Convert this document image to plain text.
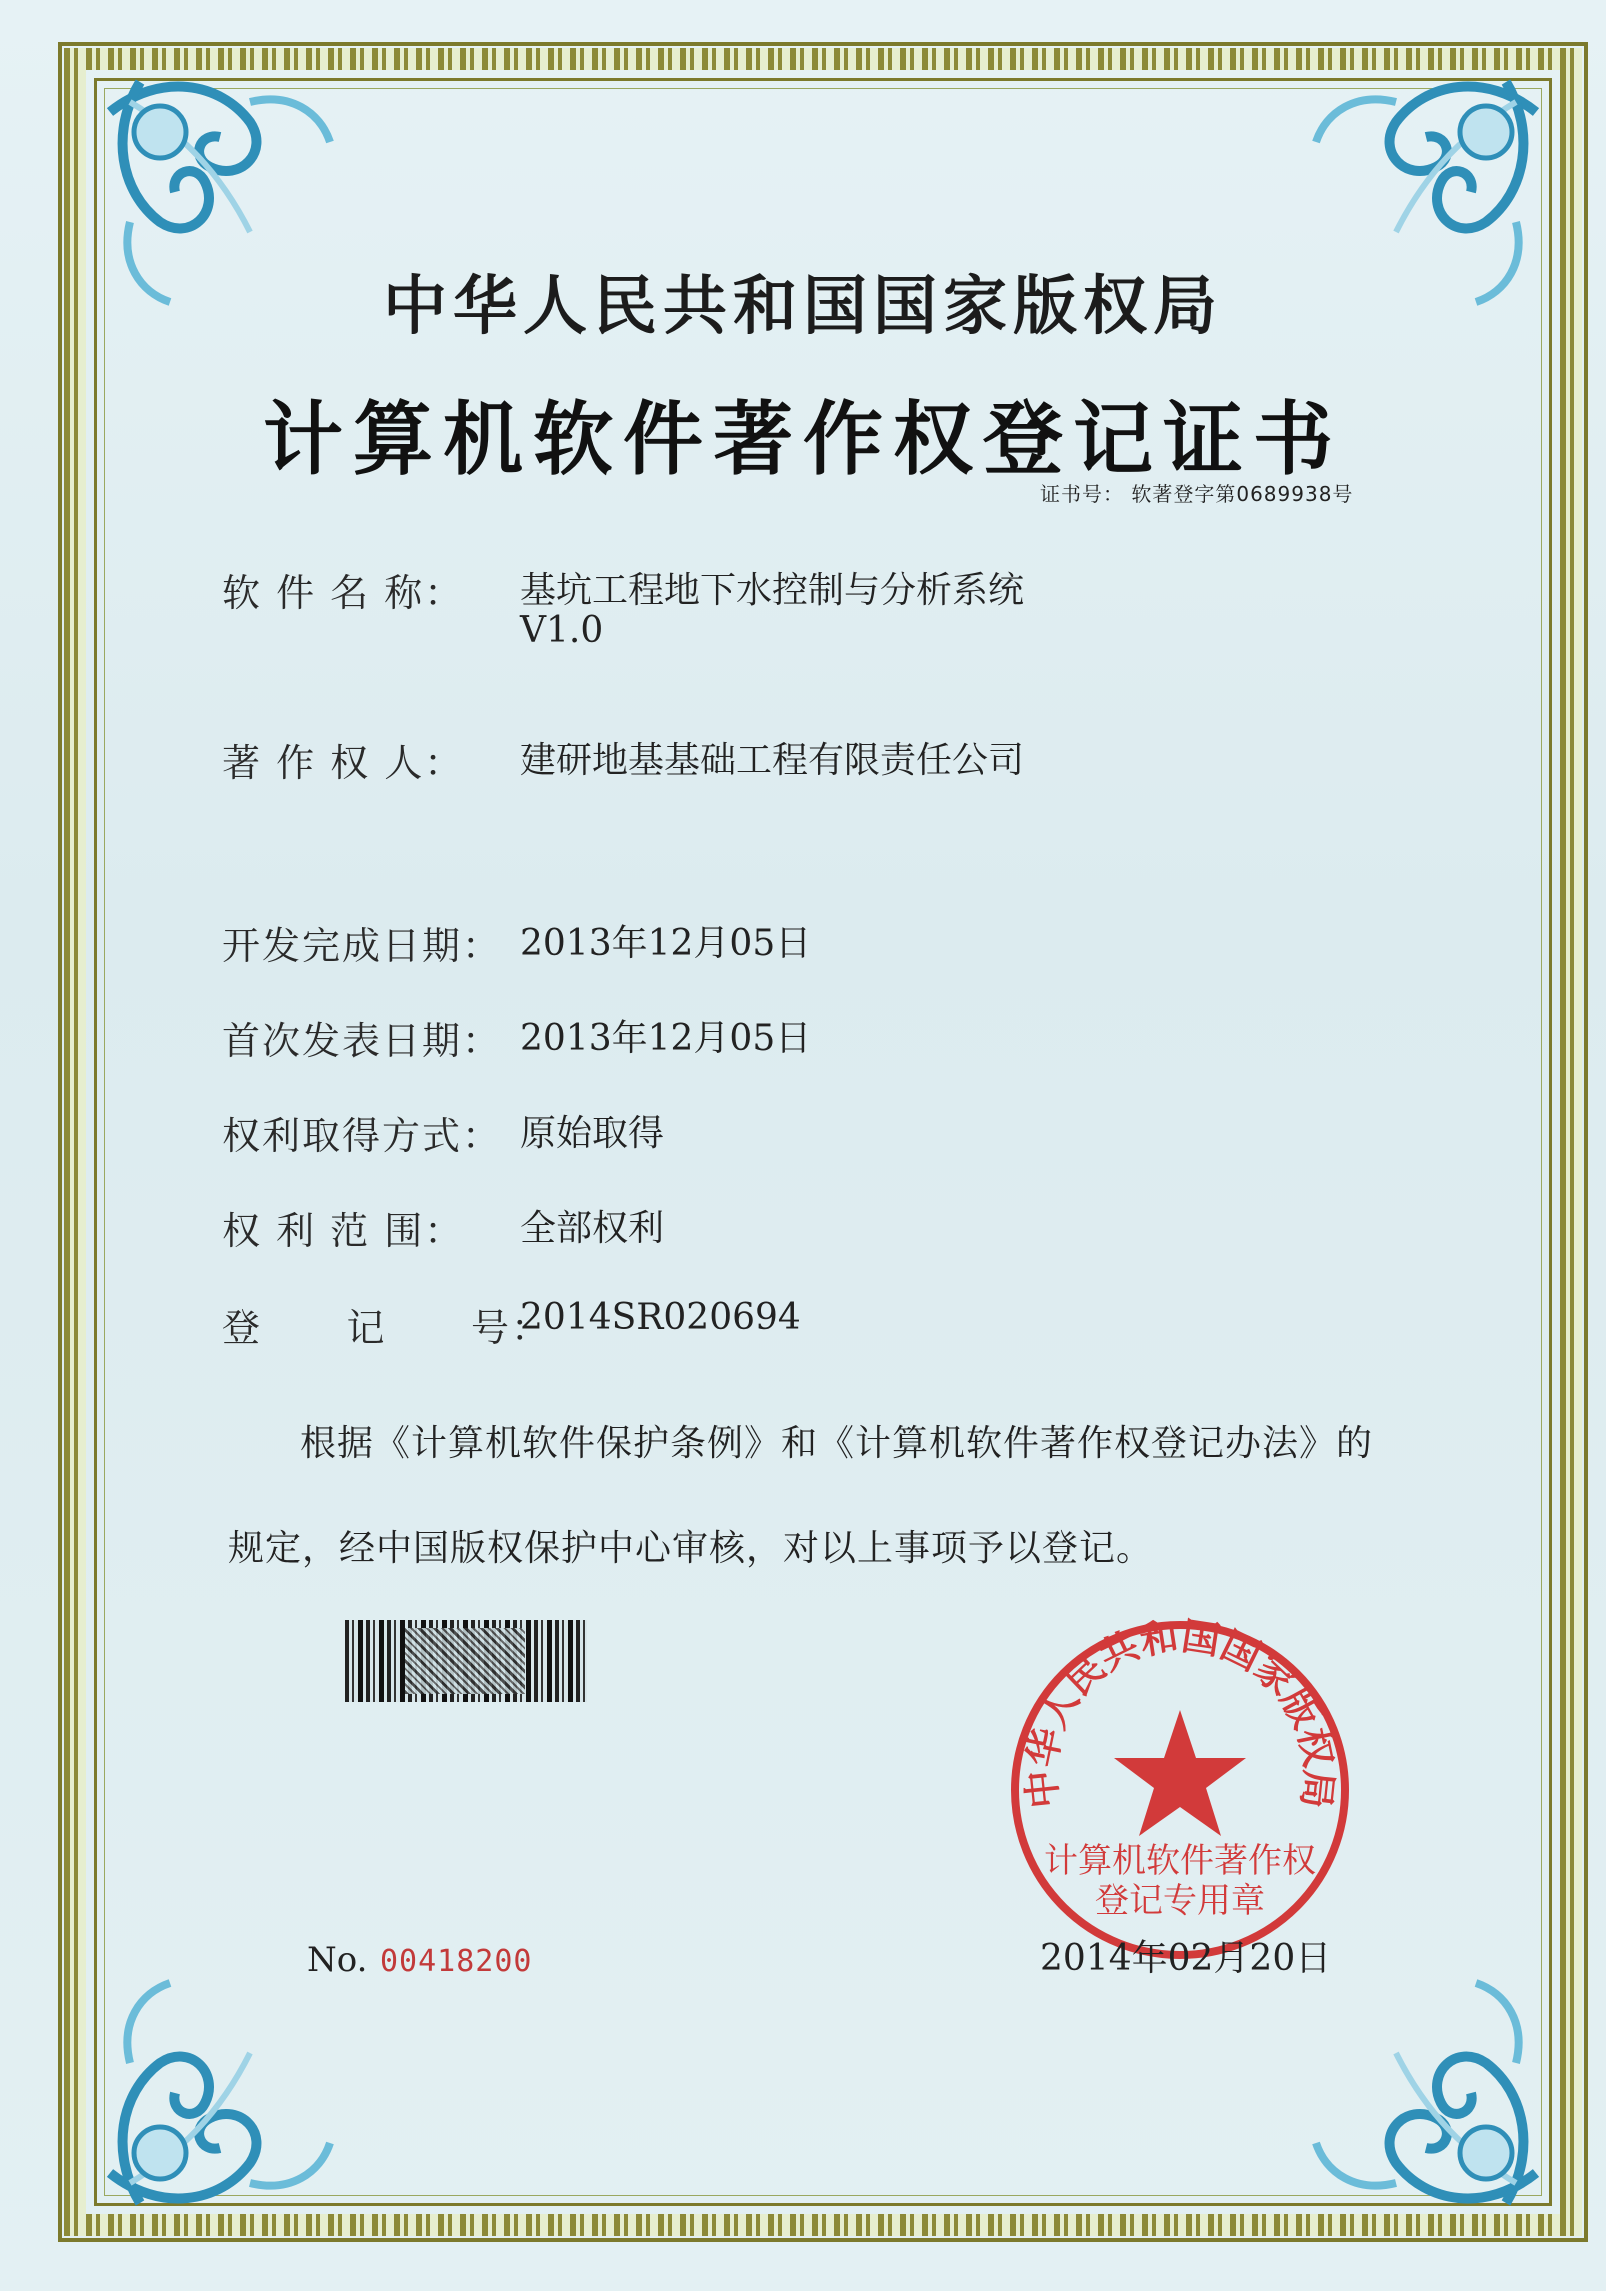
中华人民共和国国家版权局
计算机软件著作权登记证书
证书号： 软著登字第0689938号
软 件 名 称： 基坑工程地下水控制与分析系统
V1.0
著 作 权 人： 建研地基基础工程有限责任公司
开发完成日期： 2013年12月05日
首次发表日期： 2013年12月05日
权利取得方式： 原始取得
权 利 范 围： 全部权利
登      记      号：
2014SR020694
根据《计算机软件保护条例》和《计算机软件著作权登记办法》的
规定，经中国版权保护中心审核，对以上事项予以登记。
中华人民共和国国家版权局
计算机软件著作权
登记专用章
No. 00418200	2014年02月20日
